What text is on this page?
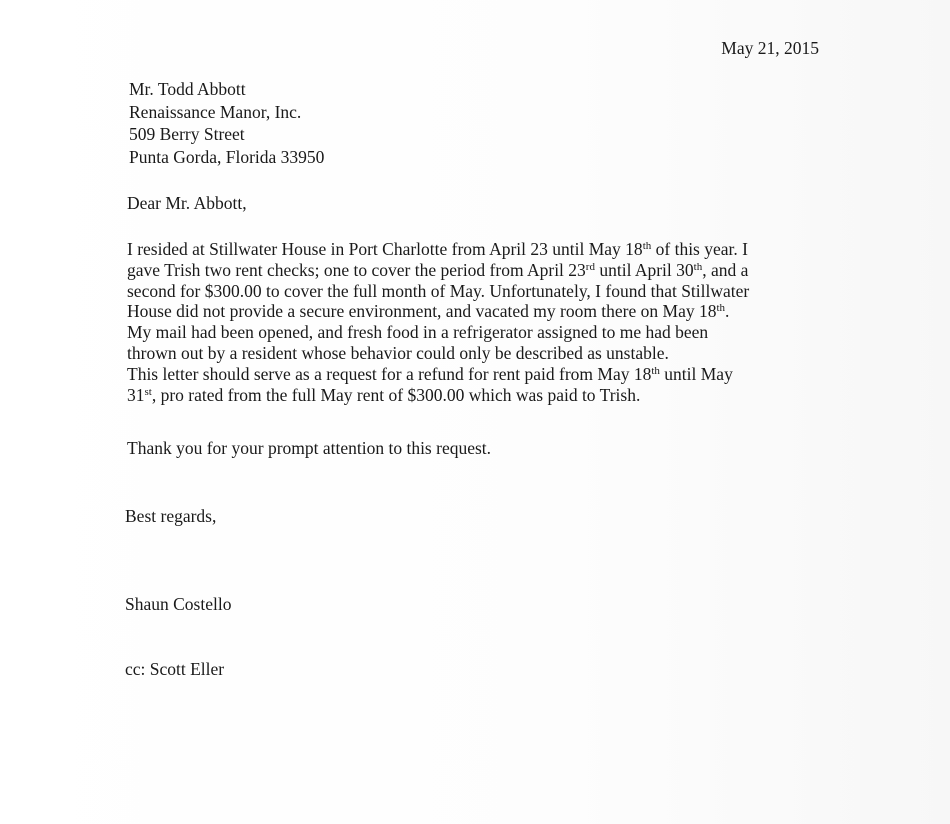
May 21, 2015
Mr. Todd Abbott
Renaissance Manor, Inc.
509 Berry Street
Punta Gorda, Florida 33950
Dear Mr. Abbott,
I resided at Stillwater House in Port Charlotte from April 23 until May 18th of this year. I
gave Trish two rent checks; one to cover the period from April 23rd until April 30th, and a
second for $300.00 to cover the full month of May. Unfortunately, I found that Stillwater
House did not provide a secure environment, and vacated my room there on May 18th.
My mail had been opened, and fresh food in a refrigerator assigned to me had been
thrown out by a resident whose behavior could only be described as unstable.
This letter should serve as a request for a refund for rent paid from May 18th until May
31st, pro rated from the full May rent of $300.00 which was paid to Trish.
Thank you for your prompt attention to this request.
Best regards,
Shaun Costello
cc: Scott Eller
